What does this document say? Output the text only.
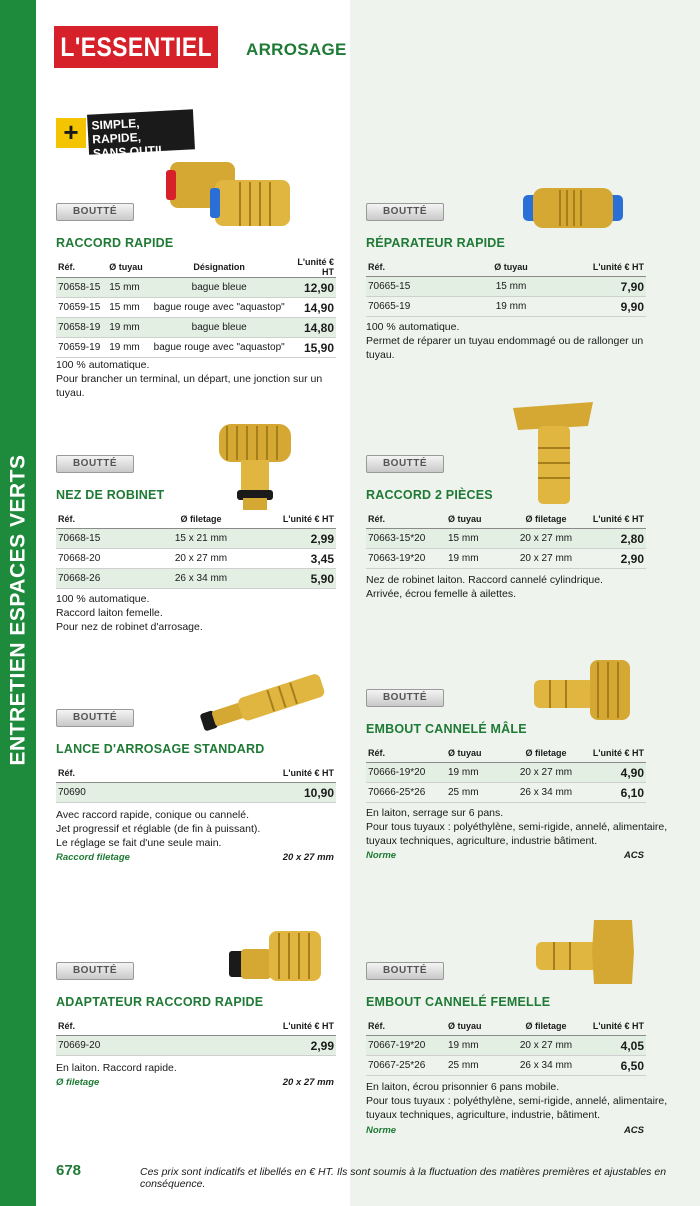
ENTRETIEN ESPACES VERTS
L'ESSENTIEL ARROSAGE
+	SIMPLE, RAPIDE,
SANS OUTIL
BOUTTÉ
RACCORD RAPIDE
Réf.	Ø tuyau	Désignation	L'unité € HT
70658-15	15 mm	bague bleue	12,90
70659-15	15 mm	bague rouge avec "aquastop"	14,90
70658-19	19 mm	bague bleue	14,80
70659-19	19 mm	bague rouge avec "aquastop"	15,90
100 % automatique.
Pour brancher un terminal, un départ, une jonction sur un tuyau.
BOUTTÉ
NEZ DE ROBINET
Réf.	Ø filetage	L'unité € HT
70668-15	15 x 21 mm	2,99
70668-20	20 x 27 mm	3,45
70668-26	26 x 34 mm	5,90
100 % automatique.
Raccord laiton femelle.
Pour nez de robinet d'arrosage.
BOUTTÉ
LANCE D'ARROSAGE STANDARD
Réf.	L'unité € HT
70690	10,90
Avec raccord rapide, conique ou cannelé.
Jet progressif et réglable (de fin à puissant).
Le réglage se fait d'une seule main.
Raccord filetage	20 x 27 mm
BOUTTÉ
ADAPTATEUR RACCORD RAPIDE
Réf.	L'unité € HT
70669-20	2,99
En laiton. Raccord rapide.
Ø filetage	20 x 27 mm
BOUTTÉ
RÉPARATEUR RAPIDE
Réf.	Ø tuyau	L'unité € HT
70665-15	15 mm	7,90
70665-19	19 mm	9,90
100 % automatique.
Permet de réparer un tuyau endommagé ou de rallonger un tuyau.
BOUTTÉ
RACCORD 2 PIÈCES
Réf.	Ø tuyau	Ø filetage	L'unité € HT
70663-15*20	15 mm	20 x 27 mm	2,80
70663-19*20	19 mm	20 x 27 mm	2,90
Nez de robinet laiton. Raccord cannelé cylindrique.
Arrivée, écrou femelle à ailettes.
BOUTTÉ
EMBOUT CANNELÉ MÂLE
Réf.	Ø tuyau	Ø filetage	L'unité € HT
70666-19*20	19 mm	20 x 27 mm	4,90
70666-25*26	25 mm	26 x 34 mm	6,10
En laiton, serrage sur 6 pans.
Pour tous tuyaux : polyéthylène, semi-rigide, annelé, alimentaire,
tuyaux techniques, agriculture, industrie bâtiment.
Norme	ACS
BOUTTÉ
EMBOUT CANNELÉ FEMELLE
Réf.	Ø tuyau	Ø filetage	L'unité € HT
70667-19*20	19 mm	20 x 27 mm	4,05
70667-25*26	25 mm	26 x 34 mm	6,50
En laiton, écrou prisonnier 6 pans mobile.
Pour tous tuyaux : polyéthylène, semi-rigide, annelé, alimentaire,
tuyaux techniques, agriculture, industrie, bâtiment.
Norme	ACS
678	Ces prix sont indicatifs et libellés en € HT. Ils sont soumis à la fluctuation des matières premières et ajustables en conséquence.
